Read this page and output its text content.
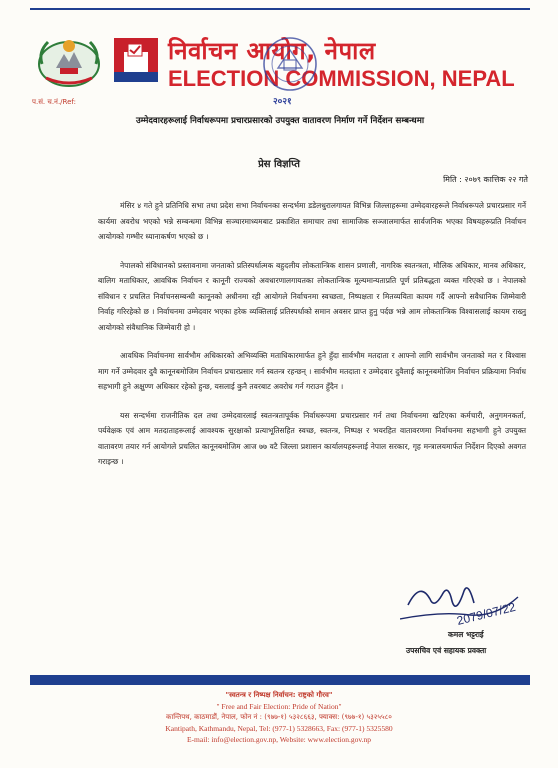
निर्वाचन आयोग, नेपाल
ELECTION COMMISSION, NEPAL
२०२१
प.सं. च.नं./Ref:
उम्मेदवारहरूलाई निर्वाधरूपमा प्रचारप्रसारको उपयुक्त वातावरण निर्माण गर्ने निर्देशन सम्बन्धमा
प्रेस विज्ञप्ति
मिति : २०७९ कात्तिक २२ गते

मंसिर ४ गते हुने प्रतिनिधि सभा तथा प्रदेश सभा निर्वाचनका सन्दर्भमा डडेलधुरालगायत विभिन्न जिल्लाहरूमा उम्मेदवारहरूले निर्वाधरूपले प्रचारप्रसार गर्ने कार्यमा अवरोध भएको भन्ने सम्बन्धमा विभिन्न सञ्चारमाध्यमबाट प्रकाशित समाचार तथा सामाजिक सञ्जालमार्फत सार्वजनिक भएका विषयहरूप्रति निर्वाचन आयोगको गम्भीर ध्यानाकर्षण भएको छ ।

नेपालको संविधानको प्रस्तावनामा जनताको प्रतिस्पर्धात्मक बहुदलीय लोकतान्त्रिक शासन प्रणाली, नागरिक स्वतन्त्रता, मौलिक अधिकार, मानव अधिकार, बालिग मताधिकार, आवधिक निर्वाचन र कानूनी राज्यको अवधारणालगायतका लोकतान्त्रिक मूल्यमान्यताप्रति पूर्ण प्रतिबद्धता व्यक्त गरिएको छ । नेपालको संविधान र प्रचलित निर्वाचनसम्बन्धी कानूनको अधीनमा रही आयोगले निर्वाचनमा स्वच्छता, निष्पक्षता र मितव्ययिता कायम गर्दै आफ्नो सवैधानिक जिम्मेवारी निर्वाह गरिरहेको छ । निर्वाचनमा उम्मेदवार भएका हरेक व्यक्तिलाई प्रतिस्पर्धाको समान अवसर प्राप्त हुनु पर्दछ भन्ने आम लोकतान्त्रिक विश्वासलाई कायम राख्नु आयोगको संवैधानिक जिम्मेवारी हो ।

आवधिक निर्वाचनमा सार्वभौम अधिकारको अभिव्यक्ति मताधिकारमार्फत हुने हुँदा सार्वभौम मतदाता र आफ्नो लागि सार्वभौम जनताको मत र विश्वास माग गर्ने उम्मेदवार दुवै कानूनबमोजिम निर्वाचन प्रचारप्रसार गर्न स्वतन्त्र रहन्छन् । सार्वभौम मतदाता र उम्मेदवार दुवैलाई कानूनबमोजिम निर्वाचन प्रक्रियामा निर्वाध सहभागी हुने अक्षुण्ण अधिकार रहेको हुन्छ, यसलाई कुनै तवरबाट अवरोध गर्न गराउन हुँदैन ।

यस सन्दर्भमा राजनीतिक दल तथा उम्मेदवारलाई स्वतन्त्रतापूर्वक निर्वाधरूपमा प्रचारप्रसार गर्न तथा निर्वाचनमा खटिएका कर्मचारी, अनुगमनकर्ता, पर्यवेक्षक एवं आम मतदाताहरूलाई आवश्यक सुरक्षाको प्रत्याभूतिसहित स्वच्छ, स्वतन्त्र, निष्पक्ष र भयरहित वातावरणमा निर्वाचनमा सहभागी हुने उपयुक्त वातावरण तयार गर्न आयोगले प्रचलित कानूनबमोजिम आज ७७ वटै जिल्ला प्रशासन कार्यालयहरूलाई नेपाल सरकार, गृह मन्त्रालयमार्फत निर्देशन दिएको अवगत गराइन्छ ।

2079/07/22
कमल भट्टराई
उपसचिव एवं सहायक प्रवक्ता
"स्वतन्त्र र निष्पक्ष निर्वाचन: राष्ट्रको गौरव"
" Free and Fair Election: Pride of Nation"
कान्तिपथ, काठमाडौं, नेपाल, फोन नं : (९७७-१) ५३२८६६३, फ्याक्स: (९७७-१) ५३२५५८०
Kantipath, Kathmandu, Nepal, Tel: (977-1) 5328663, Fax: (977-1) 5325580
E-mail: info@election.gov.np, Website: www.election.gov.np
